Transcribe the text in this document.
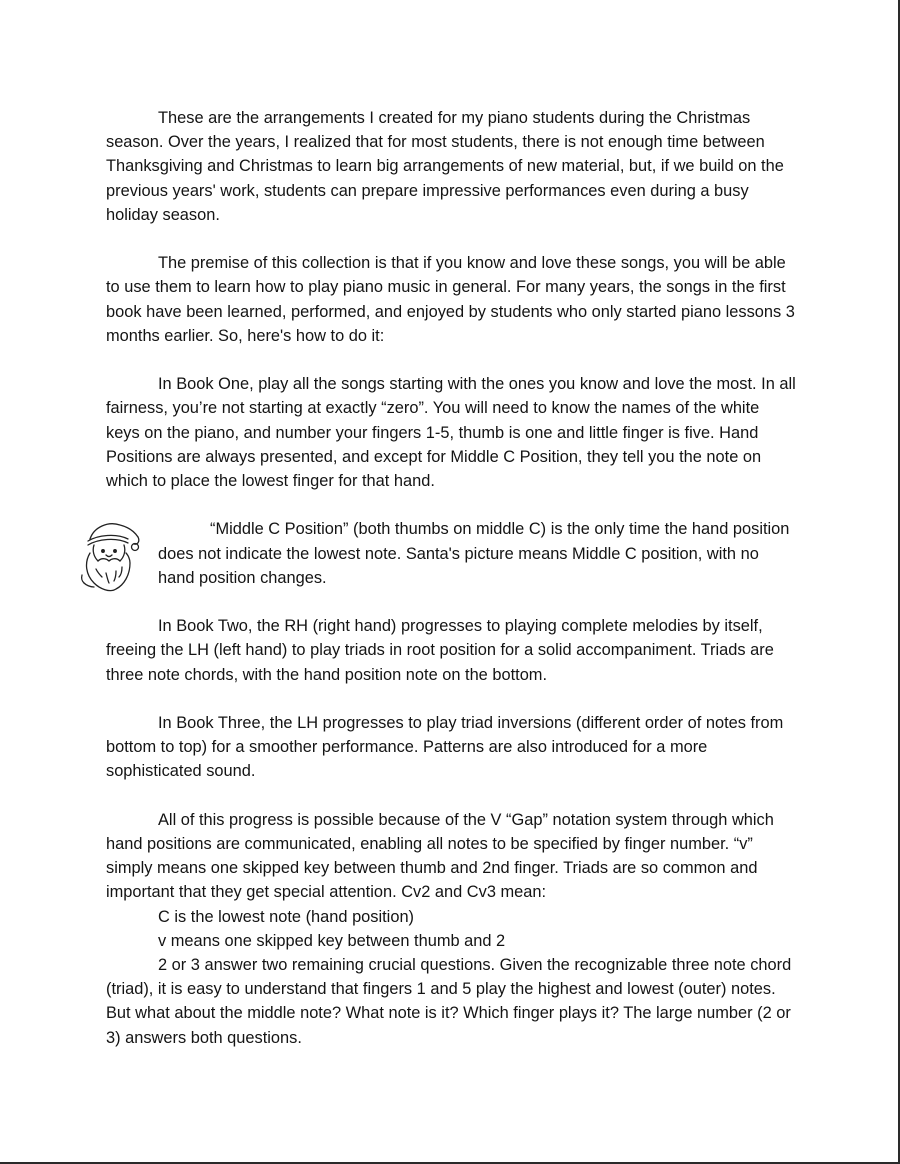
These are the arrangements I created for my piano students during the Christmas season. Over the years, I realized that for most students, there is not enough time between Thanksgiving and Christmas to learn big arrangements of new material, but, if we build on the previous years' work, students can prepare impressive performances even during a busy holiday season.

The premise of this collection is that if you know and love these songs, you will be able to use them to learn how to play piano music in general. For many years, the songs in the first book have been learned, performed, and enjoyed by students who only started piano lessons 3 months earlier. So, here's how to do it:

In Book One, play all the songs starting with the ones you know and love the most. In all fairness, you’re not starting at exactly “zero”. You will need to know the names of the white keys on the piano, and number your fingers 1-5, thumb is one and little finger is five. Hand Positions are always presented, and except for Middle C Position, they tell you the note on which to place the lowest finger for that hand.

“Middle C Position” (both thumbs on middle C) is the only time the hand position does not indicate the lowest note. Santa's picture means Middle C position, with no hand position changes.

In Book Two, the RH (right hand) progresses to playing complete melodies by itself, freeing the LH (left hand) to play triads in root position for a solid accompaniment. Triads are three note chords, with the hand position note on the bottom.

In Book Three, the LH progresses to play triad inversions (different order of notes from bottom to top) for a smoother performance. Patterns are also introduced for a more sophisticated sound.

All of this progress is possible because of the V “Gap” notation system through which hand positions are communicated, enabling all notes to be specified by finger number. “v” simply means one skipped key between thumb and 2nd finger. Triads are so common and important that they get special attention. Cv2 and Cv3 mean:

C is the lowest note (hand position)
v means one skipped key between thumb and 2

2 or 3 answer two remaining crucial questions. Given the recognizable three note chord (triad), it is easy to understand that fingers 1 and 5 play the highest and lowest (outer) notes. But what about the middle note? What note is it? Which finger plays it? The large number (2 or 3) answers both questions.
